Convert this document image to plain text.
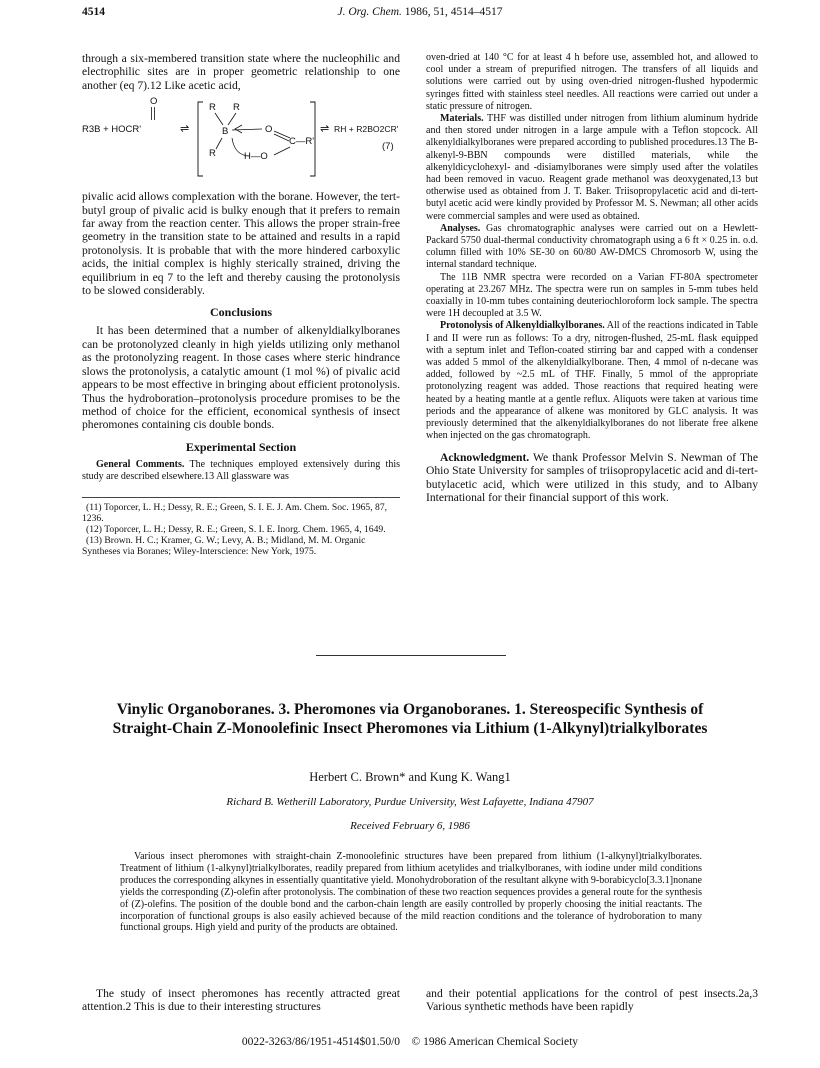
4514	J. Org. Chem. 1986, 51, 4514–4517

through a six-membered transition state where the nucleophilic and electrophilic sites are in proper geometric relationship to one another (eq 7).12 Like acetic acid,

O
R3B + HOCR'	⇌
R R
B	O
C—R'
R	H—O
⇌ RH + R2BO2CR'
(7)

pivalic acid allows complexation with the borane. However, the tert-butyl group of pivalic acid is bulky enough that it prefers to remain far away from the reaction center. This allows the proper strain-free geometry in the transition state to be attained and results in a rapid protonolysis. It is probable that with the more hindered carboxylic acids, the initial complex is highly sterically strained, driving the equilibrium in eq 7 to the left and thereby causing the protonolysis to be slowed considerably.

Conclusions

It has been determined that a number of alkenyldialkylboranes can be protonolyzed cleanly in high yields utilizing only methanol as the protonolyzing reagent. In those cases where steric hindrance slows the protonolysis, a catalytic amount (1 mol %) of pivalic acid appears to be most effective in bringing about efficient protonolysis. Thus the hydroboration–protonolysis procedure promises to be the method of choice for the efficient, economical synthesis of insect pheromones containing cis double bonds.

Experimental Section

General Comments. The techniques employed extensively during this study are described elsewhere.13 All glassware was

(11) Toporcer, L. H.; Dessy, R. E.; Green, S. I. E. J. Am. Chem. Soc. 1965, 87, 1236.

(12) Toporcer, L. H.; Dessy, R. E.; Green, S. I. E. Inorg. Chem. 1965, 4, 1649.

(13) Brown. H. C.; Kramer, G. W.; Levy, A. B.; Midland, M. M. Organic Syntheses via Boranes; Wiley-Interscience: New York, 1975.

oven-dried at 140 °C for at least 4 h before use, assembled hot, and allowed to cool under a stream of prepurified nitrogen. The transfers of all liquids and solutions were carried out by using oven-dried nitrogen-flushed hypodermic syringes fitted with stainless steel needles. All reactions were carried out under a static pressure of nitrogen.

Materials. THF was distilled under nitrogen from lithium aluminum hydride and then stored under nitrogen in a large ampule with a Teflon stopcock. All alkenyldialkylboranes were prepared according to published procedures.13 The B-alkenyl-9-BBN compounds were distilled materials, while the alkenyldicyclohexyl- and -disiamylboranes were simply used after the volatiles had been removed in vacuo. Reagent grade methanol was deoxygenated,13 but otherwise used as obtained from J. T. Baker. Triisopropylacetic acid and di-tert-butyl acetic acid were kindly provided by Professor M. S. Newman; all other acids were commercial samples and were used as obtained.

Analyses. Gas chromatographic analyses were carried out on a Hewlett-Packard 5750 dual-thermal conductivity chromatograph using a 6 ft × 0.25 in. o.d. column filled with 10% SE-30 on 60/80 AW-DMCS Chromosorb W, using the internal standard technique.

The 11B NMR spectra were recorded on a Varian FT-80A spectrometer operating at 23.267 MHz. The spectra were run on samples in 5-mm tubes held coaxially in 10-mm tubes containing deuteriochloroform lock sample. The spectra were 1H decoupled at 3.5 W.

Protonolysis of Alkenyldialkylboranes. All of the reactions indicated in Table I and II were run as follows: To a dry, nitrogen-flushed, 25-mL flask equipped with a septum inlet and Teflon-coated stirring bar and capped with a condenser was added 5 mmol of the alkenyldialkylborane. Then, 4 mmol of n-decane was added, followed by ~2.5 mL of THF. Finally, 5 mmol of the appropriate protonolyzing reagent was added. Those reactions that required heating were heated by a heating mantle at a gentle reflux. Aliquots were taken at various time periods and the appearance of alkene was monitored by GLC analysis. It was previously determined that the alkenyldialkylboranes do not liberate free alkene when injected on the gas chromatograph.

Acknowledgment. We thank Professor Melvin S. Newman of The Ohio State University for samples of triisopropylacetic acid and di-tert-butylacetic acid, which were utilized in this study, and to Albany International for their financial support of this work.

Vinylic Organoboranes. 3. Pheromones via Organoboranes. 1. Stereospecific Synthesis of Straight-Chain Z-Monoolefinic Insect Pheromones via Lithium (1-Alkynyl)trialkylborates
Herbert C. Brown* and Kung K. Wang1
Richard B. Wetherill Laboratory, Purdue University, West Lafayette, Indiana 47907
Received February 6, 1986

Various insect pheromones with straight-chain Z-monoolefinic structures have been prepared from lithium (1-alkynyl)trialkylborates. Treatment of lithium (1-alkynyl)trialkylborates, readily prepared from lithium acetylides and trialkylboranes, with iodine under mild conditions produces the corresponding alkynes in essentially quantitative yield. Monohydroboration of the resultant alkyne with 9-borabicyclo[3.3.1]nonane yields the corresponding (Z)-olefin after protonolysis. The combination of these two reaction sequences provides a general route for the synthesis of (Z)-olefins. The position of the double bond and the carbon-chain length are easily controlled by properly choosing the initial reactants. The incorporation of functional groups is also easily achieved because of the mild reaction conditions and the tolerance of hydroboration to many functional groups. High yield and purity of the products are obtained.

The study of insect pheromones has recently attracted great attention.2 This is due to their interesting structures

and their potential applications for the control of pest insects.2a,3 Various synthetic methods have been rapidly

0022-3263/86/1951-4514$01.50/0 © 1986 American Chemical Society
